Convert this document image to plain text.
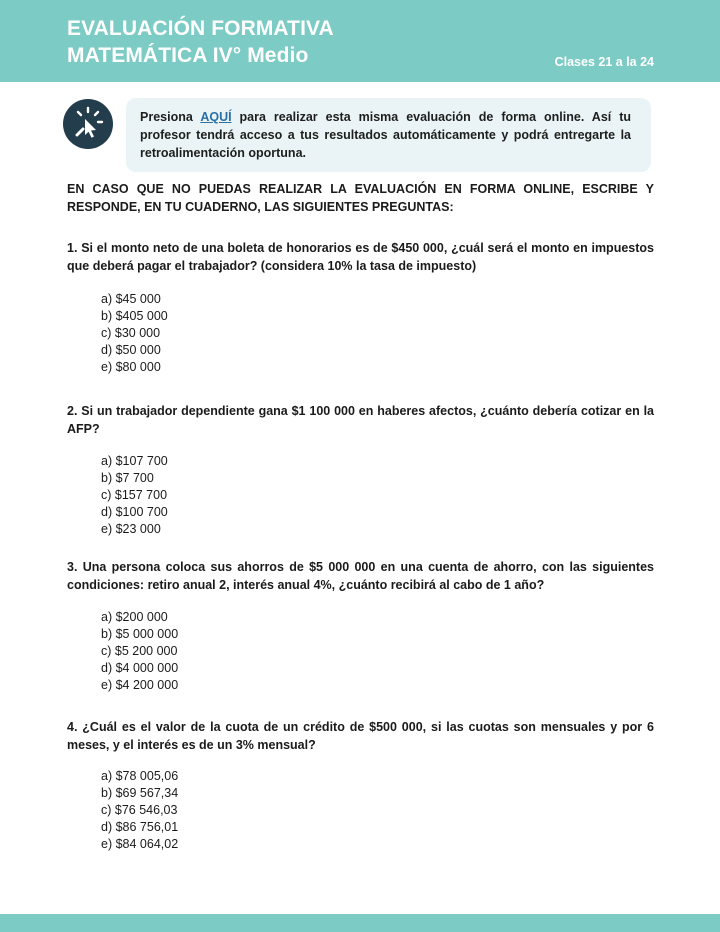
EVALUACIÓN FORMATIVA
MATEMÁTICA IV° Medio	Clases 21 a la 24
Presiona AQUÍ para realizar esta misma evaluación de forma online. Así tu profesor tendrá acceso a tus resultados automáticamente y podrá entregarte la retroalimentación oportuna.
EN CASO QUE NO PUEDAS REALIZAR LA EVALUACIÓN EN FORMA ONLINE, ESCRIBE Y RESPONDE, EN TU CUADERNO, LAS SIGUIENTES PREGUNTAS:
1. Si el monto neto de una boleta de honorarios es de $450 000, ¿cuál será el monto en impuestos que deberá pagar el trabajador? (considera 10% la tasa de impuesto)
a) $45 000
b) $405 000
c) $30 000
d) $50 000
e) $80 000
2. Si un trabajador dependiente gana $1 100 000 en haberes afectos, ¿cuánto debería cotizar en la AFP?
a) $107 700
b) $7 700
c) $157 700
d) $100 700
e) $23 000
3. Una persona coloca sus ahorros de $5 000 000 en una cuenta de ahorro, con las siguientes condiciones: retiro anual 2, interés anual 4%, ¿cuánto recibirá al cabo de 1 año?
a) $200 000
b) $5 000 000
c) $5 200 000
d) $4 000 000
e) $4 200 000
4. ¿Cuál es el valor de la cuota de un crédito de $500 000, si las cuotas son mensuales y por 6 meses, y el interés es de un 3% mensual?
a) $78 005,06
b) $69 567,34
c) $76 546,03
d) $86 756,01
e) $84 064,02
